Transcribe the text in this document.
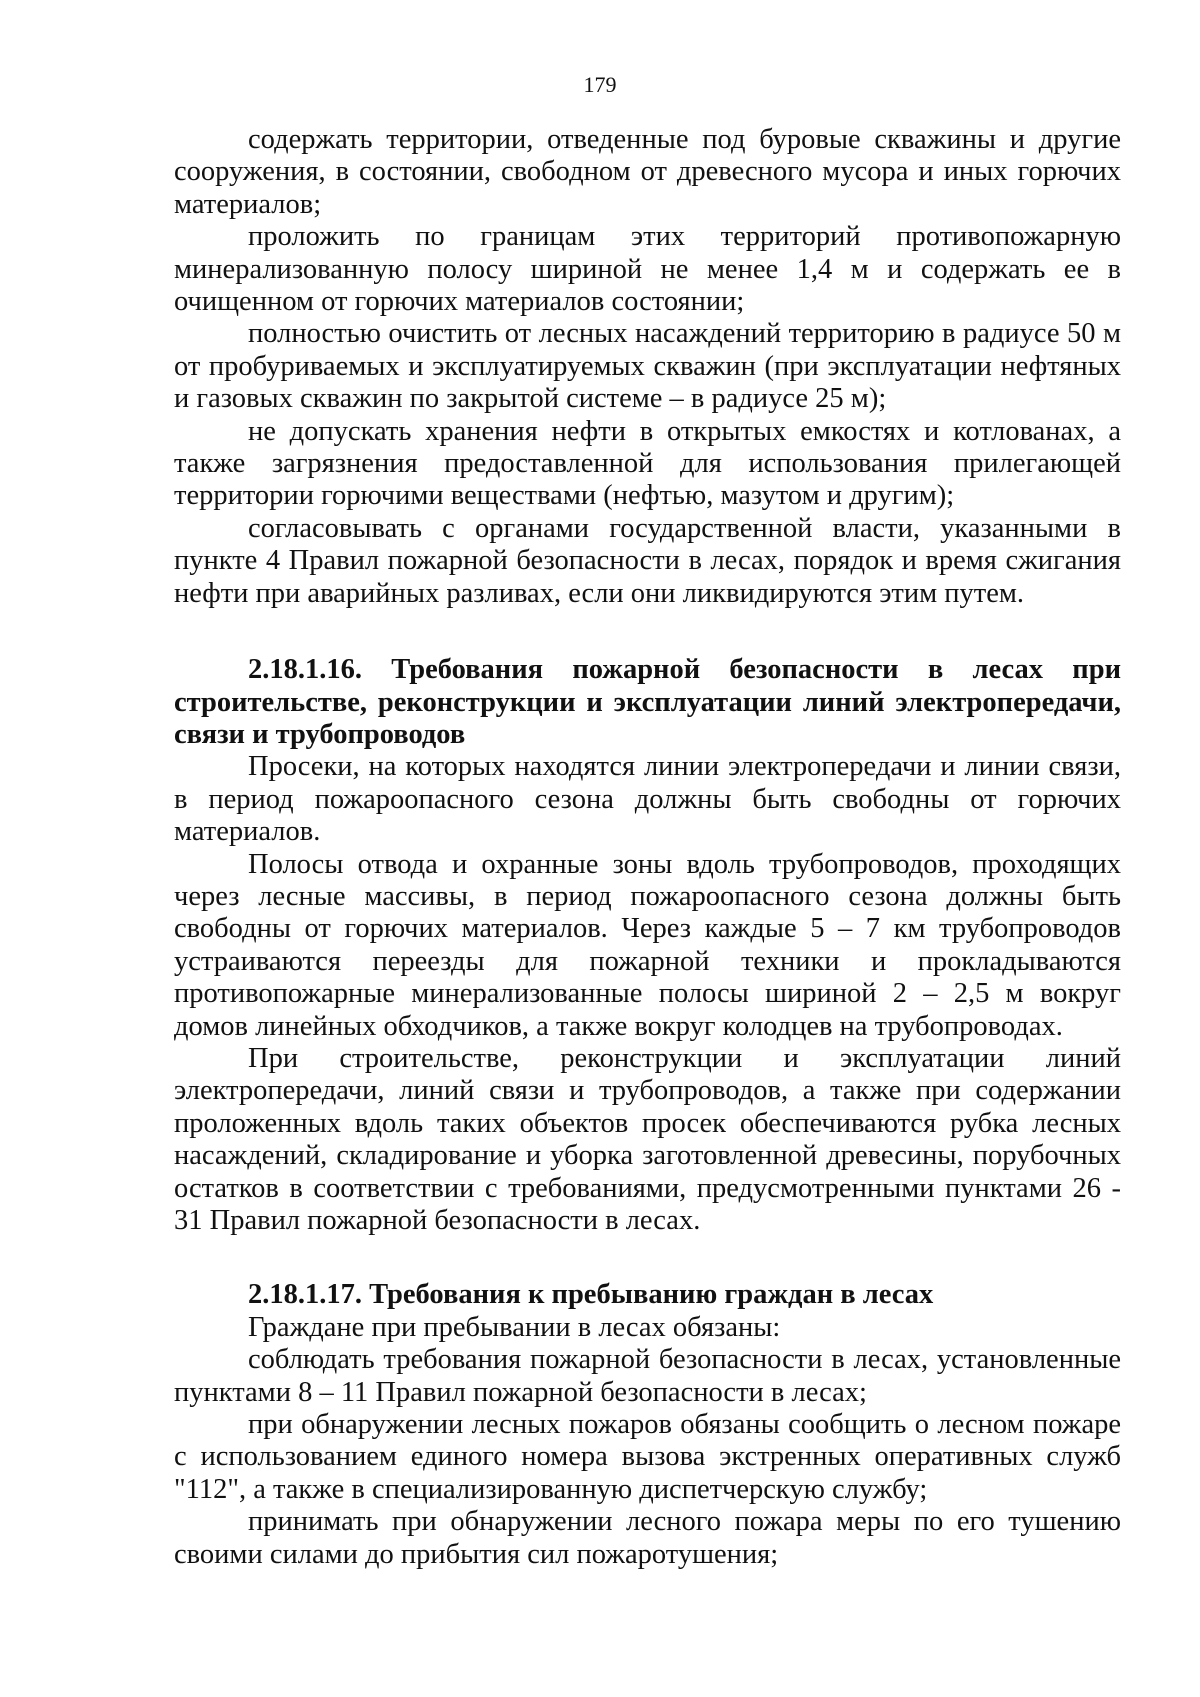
179

содержать территории, отведенные под буровые скважины и другие сооружения, в состоянии, свободном от древесного мусора и иных горючих материалов;

проложить по границам этих территорий противопожарную минерализованную полосу шириной не менее 1,4 м и содержать ее в очищенном от горючих материалов состоянии;

полностью очистить от лесных насаждений территорию в радиусе 50 м от пробуриваемых и эксплуатируемых скважин (при эксплуатации нефтяных и газовых скважин по закрытой системе – в радиусе 25 м);

не допускать хранения нефти в открытых емкостях и котлованах, а также загрязнения предоставленной для использования прилегающей территории горючими веществами (нефтью, мазутом и другим);

согласовывать с органами государственной власти, указанными в пункте 4 Правил пожарной безопасности в лесах, порядок и время сжигания нефти при аварийных разливах, если они ликвидируются этим путем.

2.18.1.16. Требования пожарной безопасности в лесах при строительстве, реконструкции и эксплуатации линий электропередачи, связи и трубопроводов

Просеки, на которых находятся линии электропередачи и линии связи, в период пожароопасного сезона должны быть свободны от горючих материалов.

Полосы отвода и охранные зоны вдоль трубопроводов, проходящих через лесные массивы, в период пожароопасного сезона должны быть свободны от горючих материалов. Через каждые 5 – 7 км трубопроводов устраиваются переезды для пожарной техники и прокладываются противопожарные минерализованные полосы шириной 2 – 2,5 м вокруг домов линейных обходчиков, а также вокруг колодцев на трубопроводах.

При строительстве, реконструкции и эксплуатации линий электропередачи, линий связи и трубопроводов, а также при содержании проложенных вдоль таких объектов просек обеспечиваются рубка лесных насаждений, складирование и уборка заготовленной древесины, порубочных остатков в соответствии с требованиями, предусмотренными пунктами 26 - 31 Правил пожарной безопасности в лесах.

2.18.1.17. Требования к пребыванию граждан в лесах

Граждане при пребывании в лесах обязаны:

соблюдать требования пожарной безопасности в лесах, установленные пунктами 8 – 11 Правил пожарной безопасности в лесах;

при обнаружении лесных пожаров обязаны сообщить о лесном пожаре с использованием единого номера вызова экстренных оперативных служб "112", а также в специализированную диспетчерскую службу;

принимать при обнаружении лесного пожара меры по его тушению своими силами до прибытия сил пожаротушения;
